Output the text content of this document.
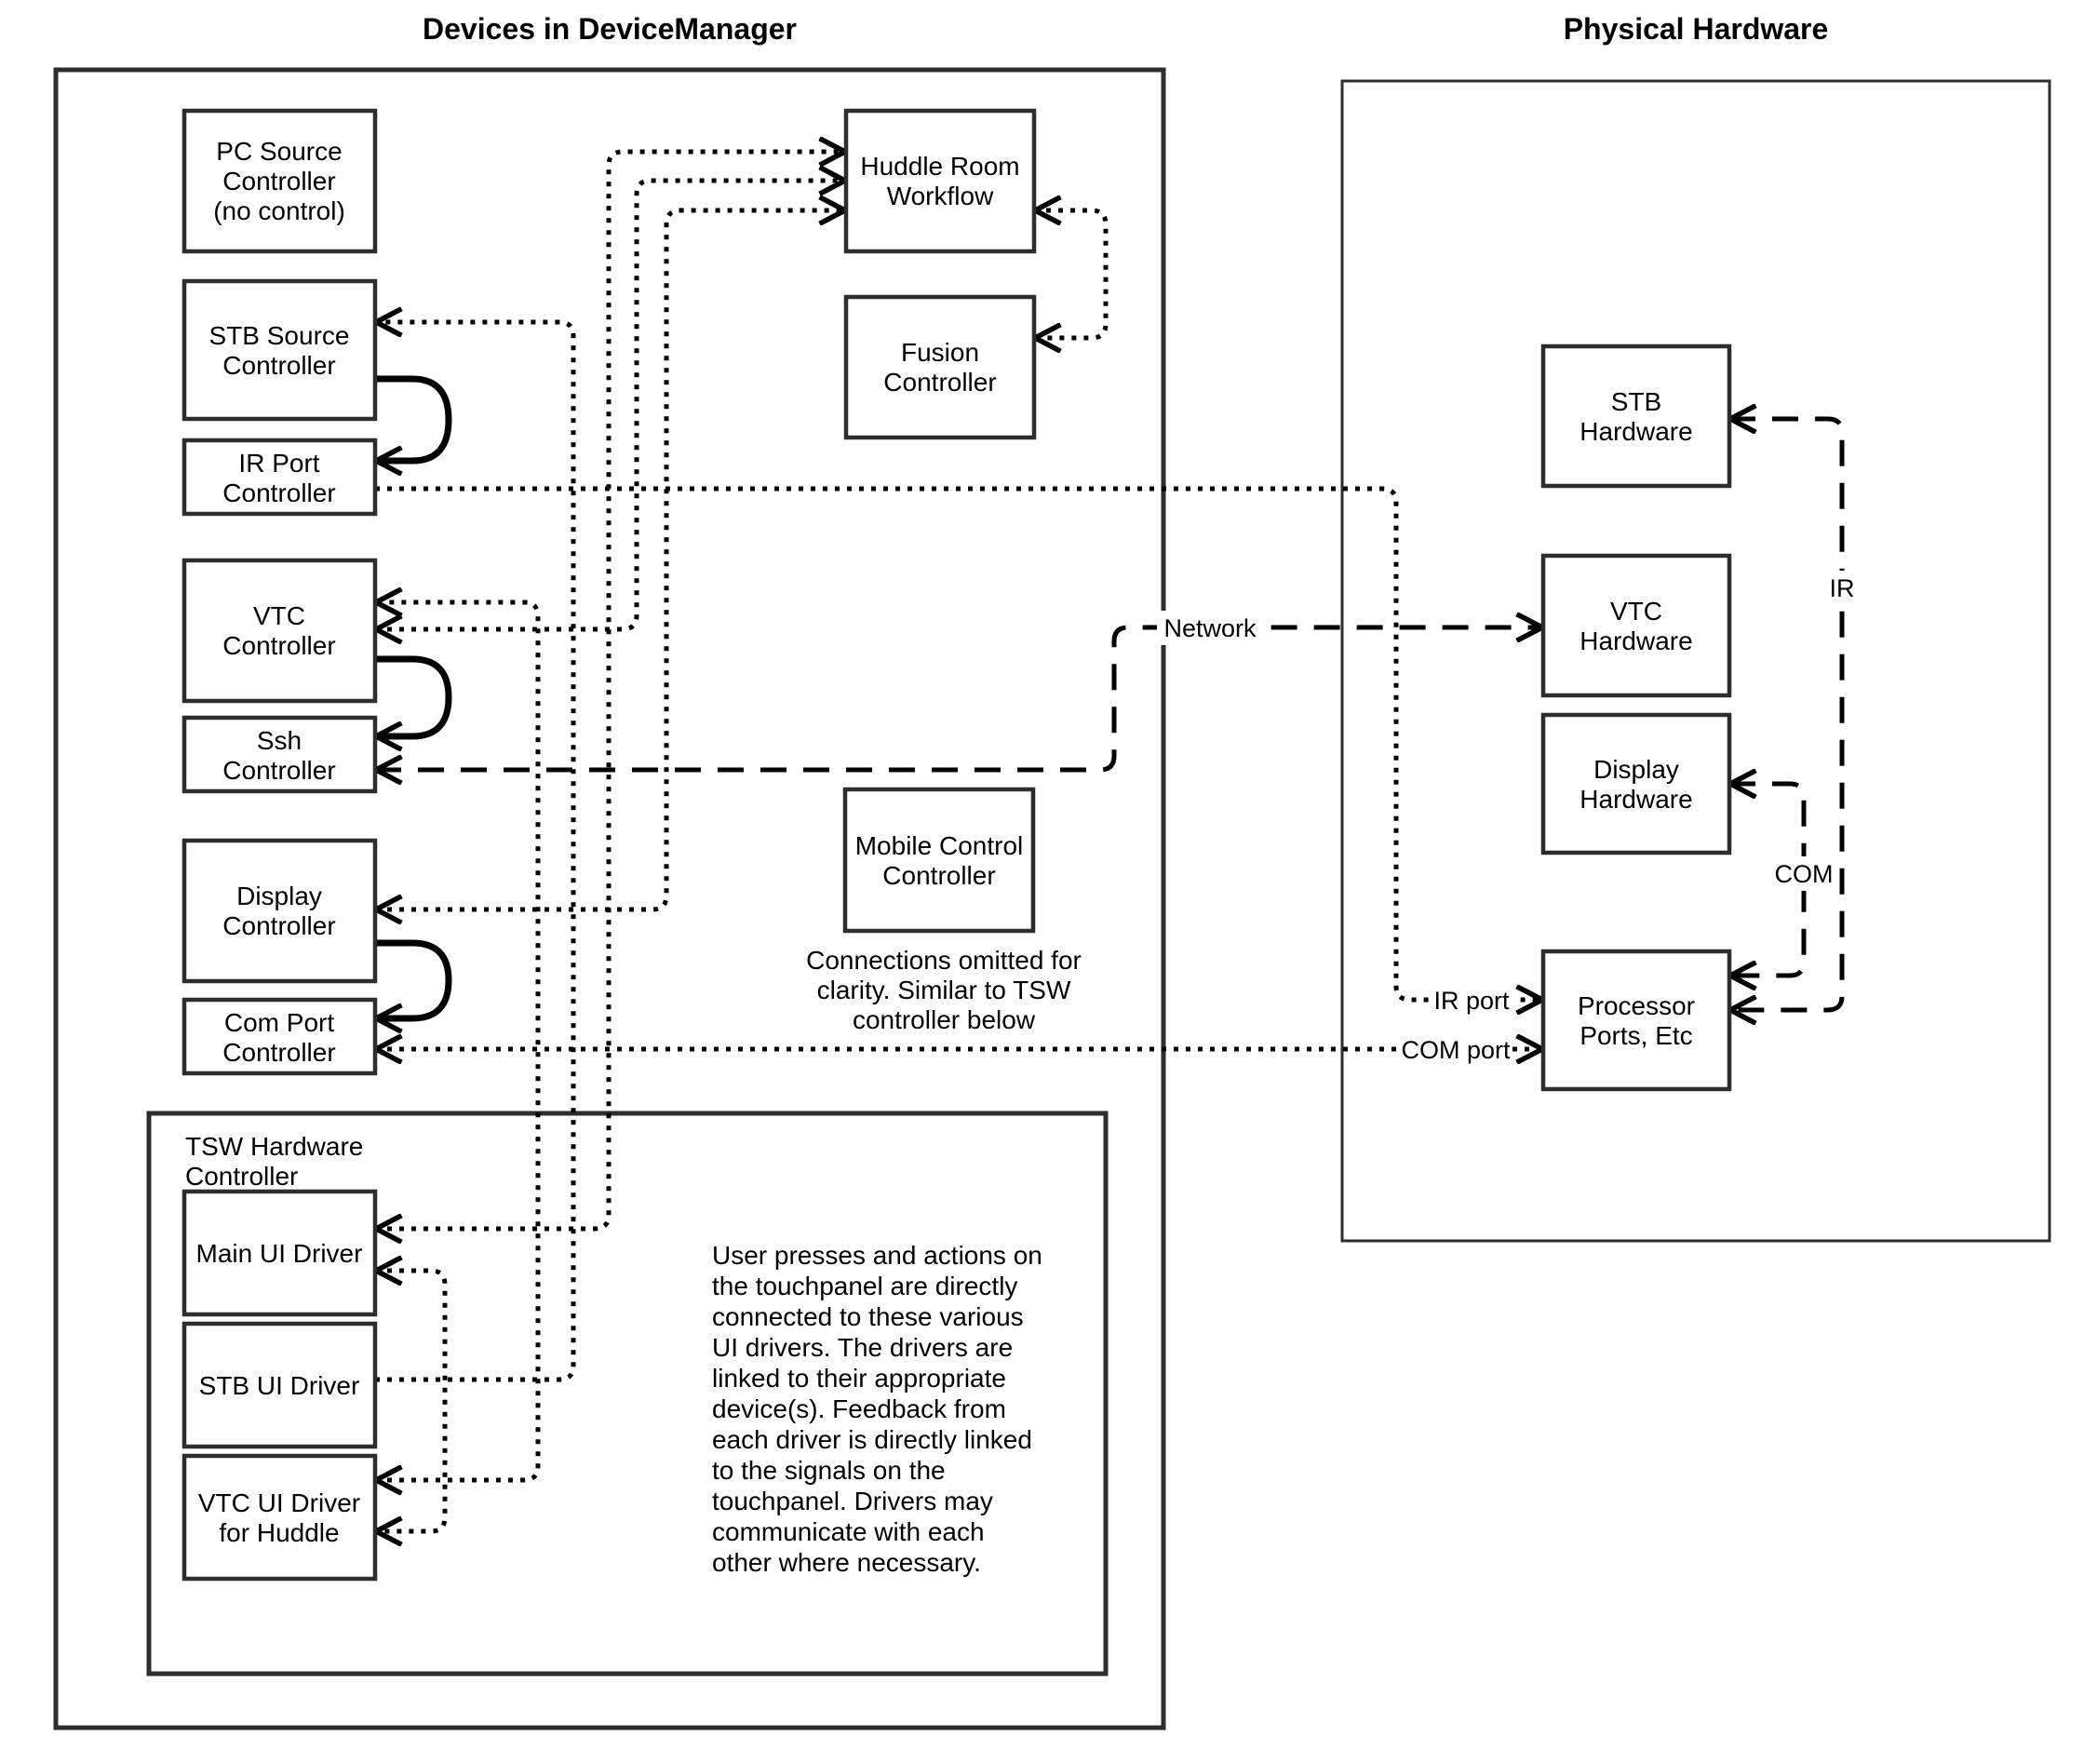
Devices in DeviceManager	Physical Hardware
TSW Hardware
Controller
Network
IR
COM
IR port
COM port
PC Source
Controller
(no control)
STB Source
Controller
IR Port
Controller
VTC
Controller
Ssh
Controller
Display
Controller
Com Port
Controller
Huddle Room
Workflow
Fusion
Controller
Mobile Control
Controller
Connections omitted for
clarity. Similar to TSW
controller below
Main UI Driver
STB UI Driver
VTC UI Driver
for Huddle
STB
Hardware
VTC
Hardware
Display
Hardware
Processor
Ports, Etc
User presses and actions on
the touchpanel are directly
connected to these various
UI drivers. The drivers are
linked to their appropriate
device(s). Feedback from
each driver is directly linked
to the signals on the
touchpanel. Drivers may
communicate with each
other where necessary.
